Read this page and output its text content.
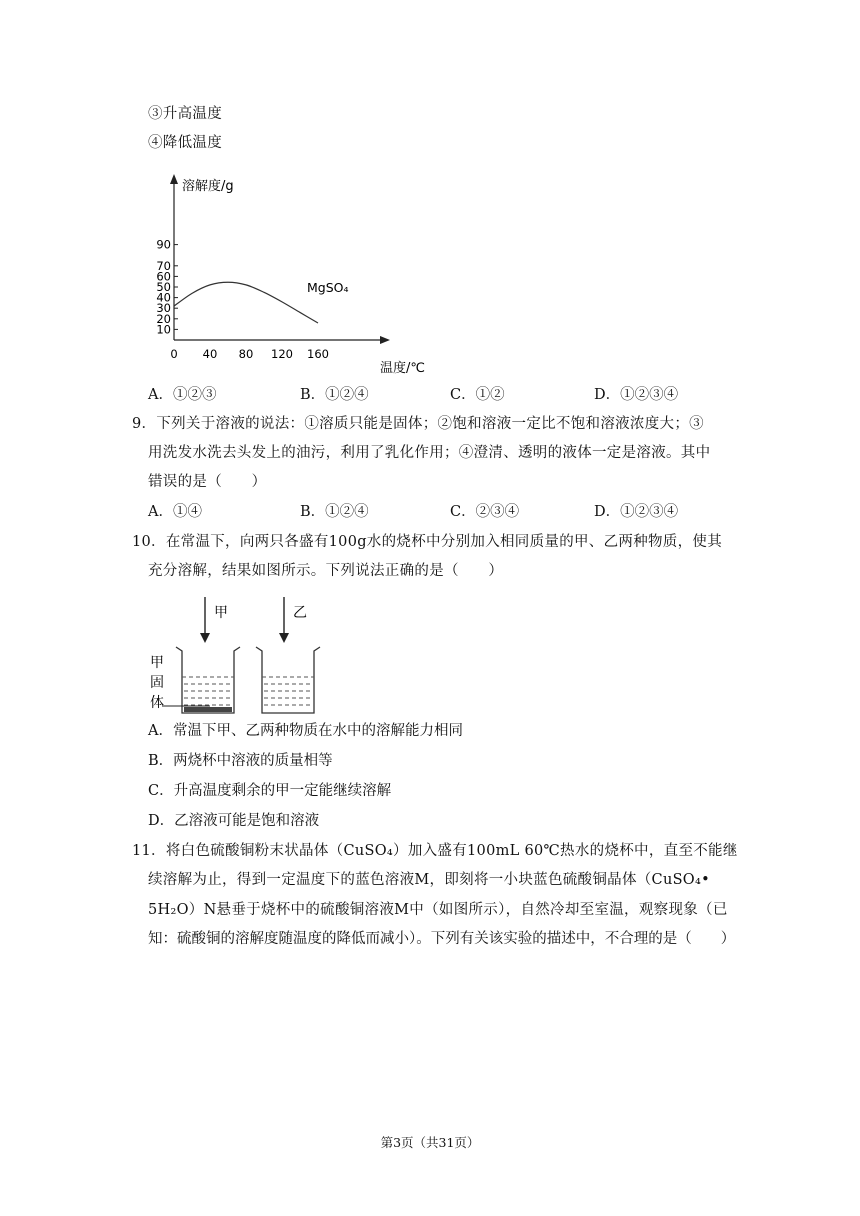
③升高温度
④降低温度
溶解度/g
温度/℃
90
70
60
50
40
30
20
10
0 40 80 120 160
MgSO₄
A．①②③	B．①②④	C．①②	D．①②③④
9．下列关于溶液的说法：①溶质只能是固体；②饱和溶液一定比不饱和溶液浓度大；③
用洗发水洗去头发上的油污，利用了乳化作用；④澄清、透明的液体一定是溶液。其中
错误的是（　　）
A．①④	B．①②④	C．②③④	D．①②③④
10．在常温下，向两只各盛有100g水的烧杯中分别加入相同质量的甲、乙两种物质，使其
充分溶解，结果如图所示。下列说法正确的是（　　）
甲	乙
甲
固
体
A．常温下甲、乙两种物质在水中的溶解能力相同
B．两烧杯中溶液的质量相等
C．升高温度剩余的甲一定能继续溶解
D．乙溶液可能是饱和溶液
11．将白色硫酸铜粉末状晶体（CuSO₄）加入盛有100mL 60℃热水的烧杯中，直至不能继
续溶解为止，得到一定温度下的蓝色溶液M，即刻将一小块蓝色硫酸铜晶体（CuSO₄•
5H₂O）N悬垂于烧杯中的硫酸铜溶液M中（如图所示），自然冷却至室温，观察现象（已
知：硫酸铜的溶解度随温度的降低而减小）。下列有关该实验的描述中，不合理的是（　　）
第3页（共31页）
